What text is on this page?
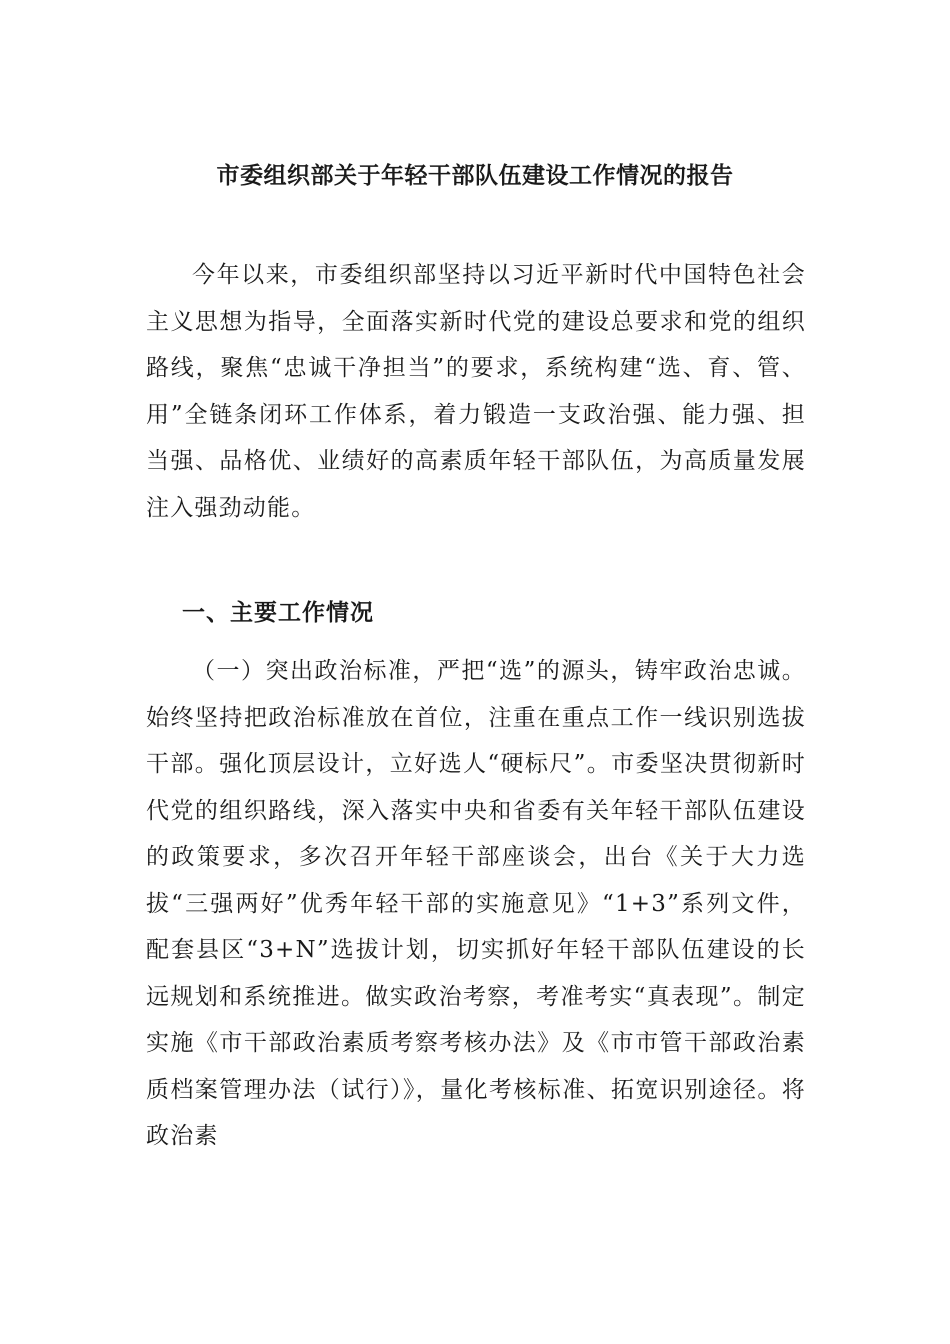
市委组织部关于年轻干部队伍建设工作情况的报告

今年以来，市委组织部坚持以习近平新时代中国特色社会主义思想为指导，全面落实新时代党的建设总要求和党的组织路线，聚焦“忠诚干净担当”的要求，系统构建“选、育、管、用”全链条闭环工作体系，着力锻造一支政治强、能力强、担当强、品格优、业绩好的高素质年轻干部队伍，为高质量发展注入强劲动能。

一、主要工作情况

（一）突出政治标准，严把“选”的源头，铸牢政治忠诚。始终坚持把政治标准放在首位，注重在重点工作一线识别选拔干部。强化顶层设计，立好选人“硬标尺”。市委坚决贯彻新时代党的组织路线，深入落实中央和省委有关年轻干部队伍建设的政策要求，多次召开年轻干部座谈会，出台《关于大力选拔“三强两好”优秀年轻干部的实施意见》“1+3”系列文件，配套县区“3+N”选拔计划，切实抓好年轻干部队伍建设的长远规划和系统推进。做实政治考察，考准考实“真表现”。制定实施《市干部政治素质考察考核办法》及《市市管干部政治素质档案管理办法（试行）》，量化考核标准、拓宽识别途径。将政治素
